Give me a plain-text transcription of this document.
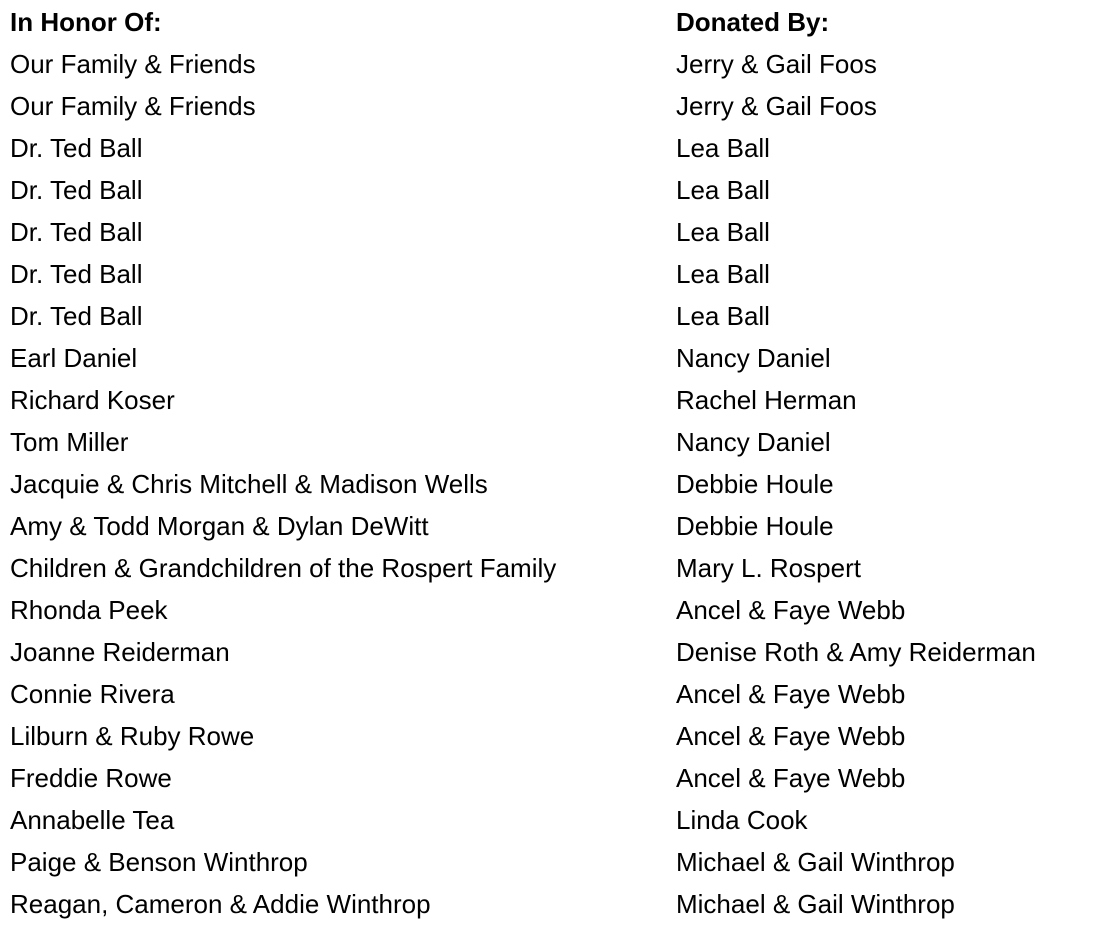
In Honor Of:	Donated By:
Our Family & Friends	Jerry & Gail Foos
Our Family & Friends	Jerry & Gail Foos
Dr. Ted Ball	Lea Ball
Dr. Ted Ball	Lea Ball
Dr. Ted Ball	Lea Ball
Dr. Ted Ball	Lea Ball
Dr. Ted Ball	Lea Ball
Earl Daniel	Nancy Daniel
Richard Koser	Rachel Herman
Tom Miller	Nancy Daniel
Jacquie & Chris Mitchell & Madison Wells	Debbie Houle
Amy & Todd Morgan & Dylan DeWitt	Debbie Houle
Children & Grandchildren of the Rospert Family	Mary L. Rospert
Rhonda Peek	Ancel & Faye Webb
Joanne Reiderman	Denise Roth & Amy Reiderman
Connie Rivera	Ancel & Faye Webb
Lilburn & Ruby Rowe	Ancel & Faye Webb
Freddie Rowe	Ancel & Faye Webb
Annabelle Tea	Linda Cook
Paige & Benson Winthrop	Michael & Gail Winthrop
Reagan, Cameron & Addie Winthrop	Michael & Gail Winthrop
